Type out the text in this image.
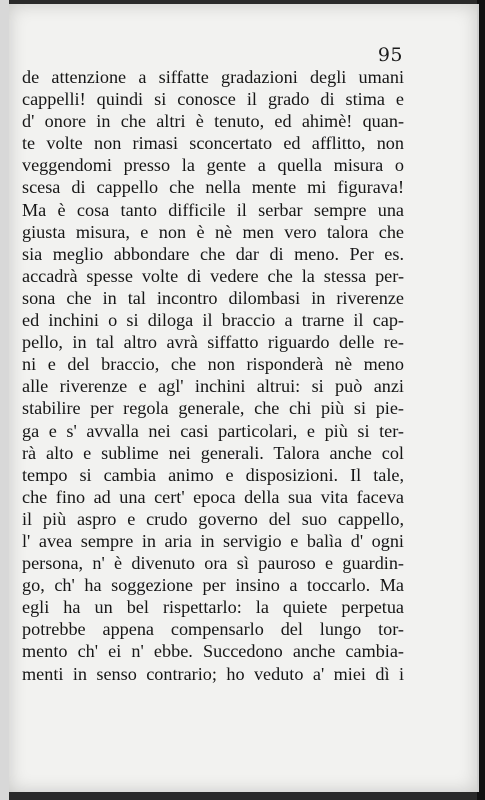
95
de attenzione a siffatte gradazioni degli umani
cappelli! quindi si conosce il grado di stima e
d' onore in che altri è tenuto, ed ahimè! quan-
te volte non rimasi sconcertato ed afflitto, non
veggendomi presso la gente a quella misura o
scesa di cappello che nella mente mi figurava!
Ma è cosa tanto difficile il serbar sempre una
giusta misura, e non è nè men vero talora che
sia meglio abbondare che dar di meno. Per es.
accadrà spesse volte di vedere che la stessa per-
sona che in tal incontro dilombasi in riverenze
ed inchini o si diloga il braccio a trarne il cap-
pello, in tal altro avrà siffatto riguardo delle re-
ni e del braccio, che non risponderà nè meno
alle riverenze e agl' inchini altrui: si può anzi
stabilire per regola generale, che chi più si pie-
ga e s' avvalla nei casi particolari, e più si ter-
rà alto e sublime nei generali. Talora anche col
tempo si cambia animo e disposizioni. Il tale,
che fino ad una cert' epoca della sua vita faceva
il più aspro e crudo governo del suo cappello,
l' avea sempre in aria in servigio e balìa d' ogni
persona, n' è divenuto ora sì pauroso e guardin-
go, ch' ha soggezione per insino a toccarlo. Ma
egli ha un bel rispettarlo: la quiete perpetua
potrebbe appena compensarlo del lungo tor-
mento ch' ei n' ebbe. Succedono anche cambia-
menti in senso contrario; ho veduto a' miei dì i
